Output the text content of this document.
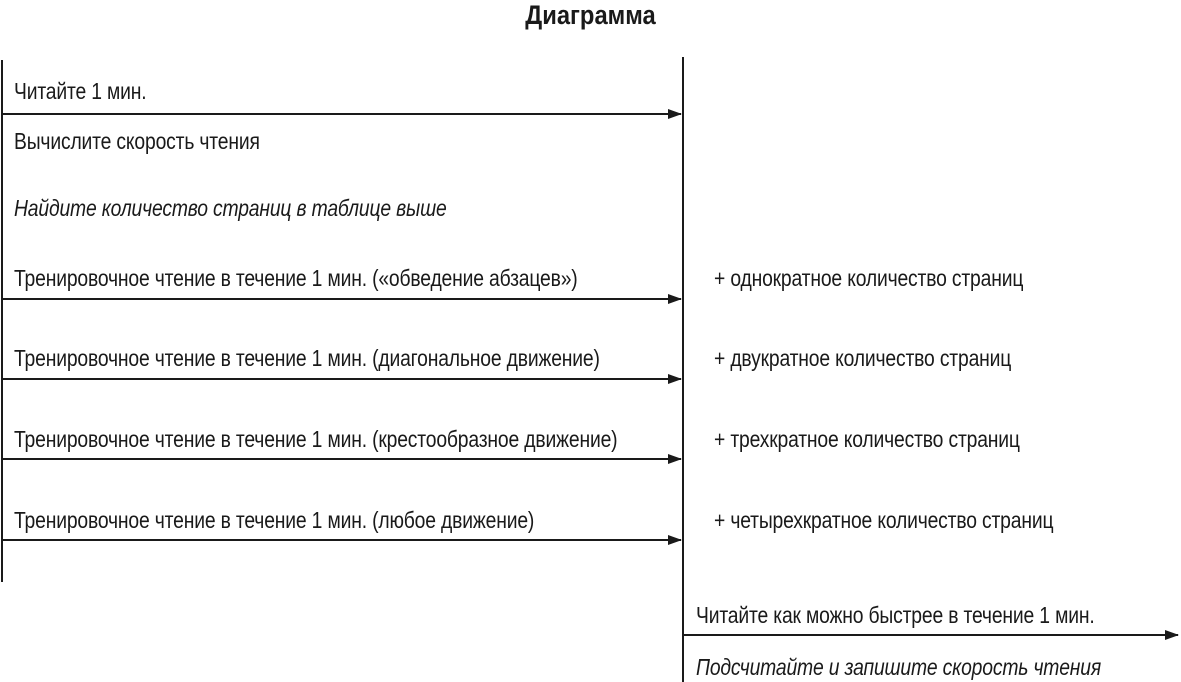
Диаграмма
Читайте 1 мин.
Вычислите скорость чтения
Найдите количество страниц в таблице выше
Тренировочное чтение в течение 1 мин. («обведение абзацев»)
Тренировочное чтение в течение 1 мин. (диагональное движение)
Тренировочное чтение в течение 1 мин. (крестообразное движение)
Тренировочное чтение в течение 1 мин. (любое движение)
+ однократное количество страниц
+ двукратное количество страниц
+ трехкратное количество страниц
+ четырехкратное количество страниц
Читайте как можно быстрее в течение 1 мин.
Подсчитайте и запишите скорость чтения
